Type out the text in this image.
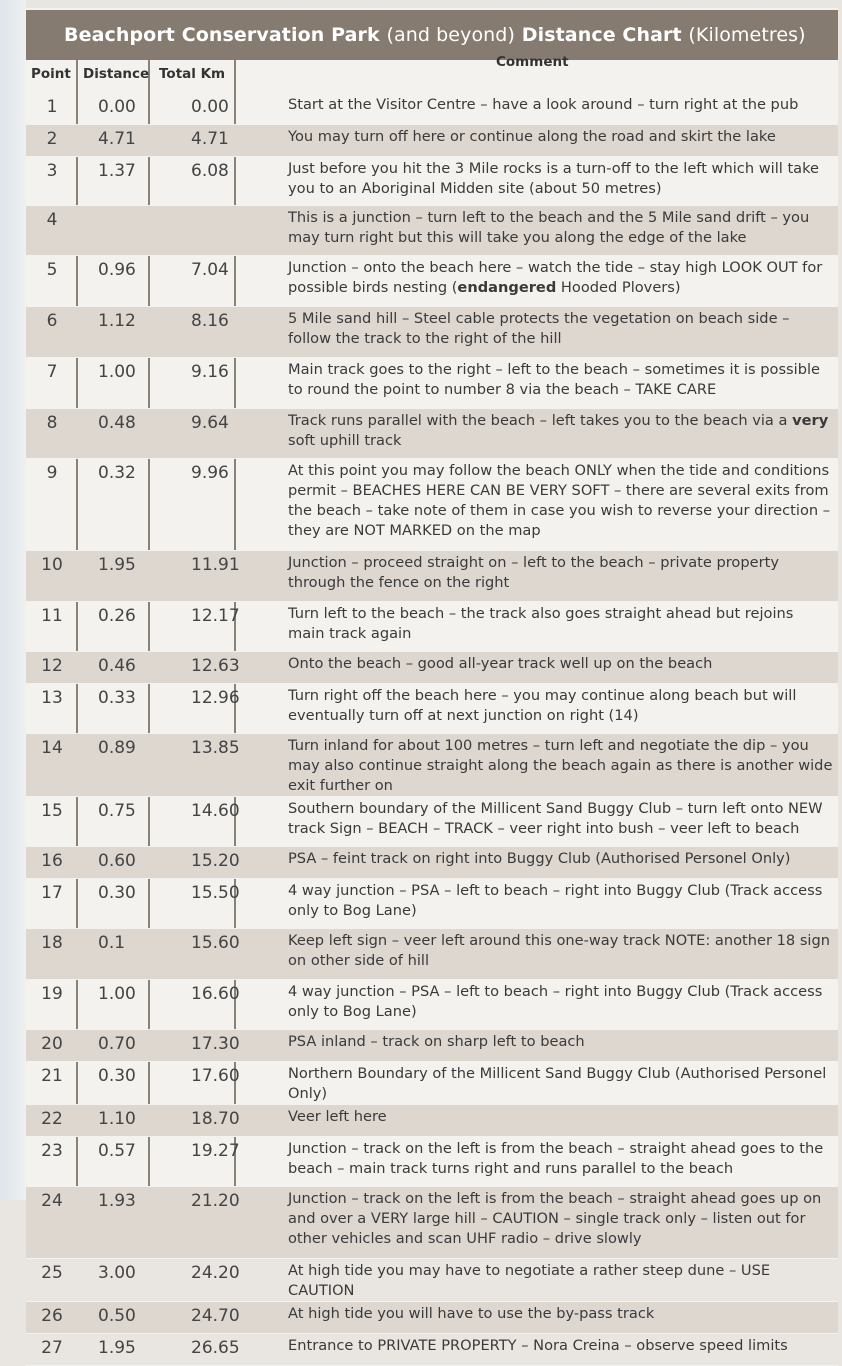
Beachport Conservation Park (and beyond) Distance Chart (Kilometres)
Point Distance Total Km
Comment
1	0.00	0.00	Start at the Visitor Centre – have a look around – turn right at the pub
2	4.71	4.71	You may turn off here or continue along the road and skirt the lake
3	1.37	6.08	Just before you hit the 3 Mile rocks is a turn-off to the left which will take you to an Aboriginal Midden site (about 50 metres)
4			This is a junction – turn left to the beach and the 5 Mile sand drift – you may turn right but this will take you along the edge of the lake
5	0.96	7.04	Junction – onto the beach here – watch the tide – stay high LOOK OUT for possible birds nesting (endangered Hooded Plovers)
6	1.12	8.16	5 Mile sand hill – Steel cable protects the vegetation on beach side – follow the track to the right of the hill
7	1.00	9.16	Main track goes to the right – left to the beach – sometimes it is possible to round the point to number 8 via the beach – TAKE CARE
8	0.48	9.64	Track runs parallel with the beach – left takes you to the beach via a very soft uphill track
9	0.32	9.96	At this point you may follow the beach ONLY when the tide and conditions permit – BEACHES HERE CAN BE VERY SOFT – there are several exits from the beach – take note of them in case you wish to reverse your direction – they are NOT MARKED on the map
10	1.95	11.91	Junction – proceed straight on – left to the beach – private property through the fence on the right
11	0.26	12.17	Turn left to the beach – the track also goes straight ahead but rejoins main track again
12	0.46	12.63	Onto the beach – good all-year track well up on the beach
13	0.33	12.96	Turn right off the beach here – you may continue along beach but will eventually turn off at next junction on right (14)
14	0.89	13.85	Turn inland for about 100 metres – turn left and negotiate the dip – you may also continue straight along the beach again as there is another wide exit further on
15	0.75	14.60	Southern boundary of the Millicent Sand Buggy Club – turn left onto NEW track Sign – BEACH – TRACK – veer right into bush – veer left to beach
16	0.60	15.20	PSA – feint track on right into Buggy Club (Authorised Personel Only)
17	0.30	15.50	4 way junction – PSA – left to beach – right into Buggy Club (Track access only to Bog Lane)
18	0.1	15.60	Keep left sign – veer left around this one-way track NOTE: another 18 sign on other side of hill
19	1.00	16.60	4 way junction – PSA – left to beach – right into Buggy Club (Track access only to Bog Lane)
20	0.70	17.30	PSA inland – track on sharp left to beach
21	0.30	17.60	Northern Boundary of the Millicent Sand Buggy Club (Authorised Personel Only)
22	1.10	18.70	Veer left here
23	0.57	19.27	Junction – track on the left is from the beach – straight ahead goes to the beach – main track turns right and runs parallel to the beach
24	1.93	21.20	Junction – track on the left is from the beach – straight ahead goes up on and over a VERY large hill – CAUTION – single track only – listen out for other vehicles and scan UHF radio – drive slowly
25	3.00	24.20	At high tide you may have to negotiate a rather steep dune – USE CAUTION
26	0.50	24.70	At high tide you will have to use the by-pass track
27	1.95	26.65	Entrance to PRIVATE PROPERTY – Nora Creina – observe speed limits
